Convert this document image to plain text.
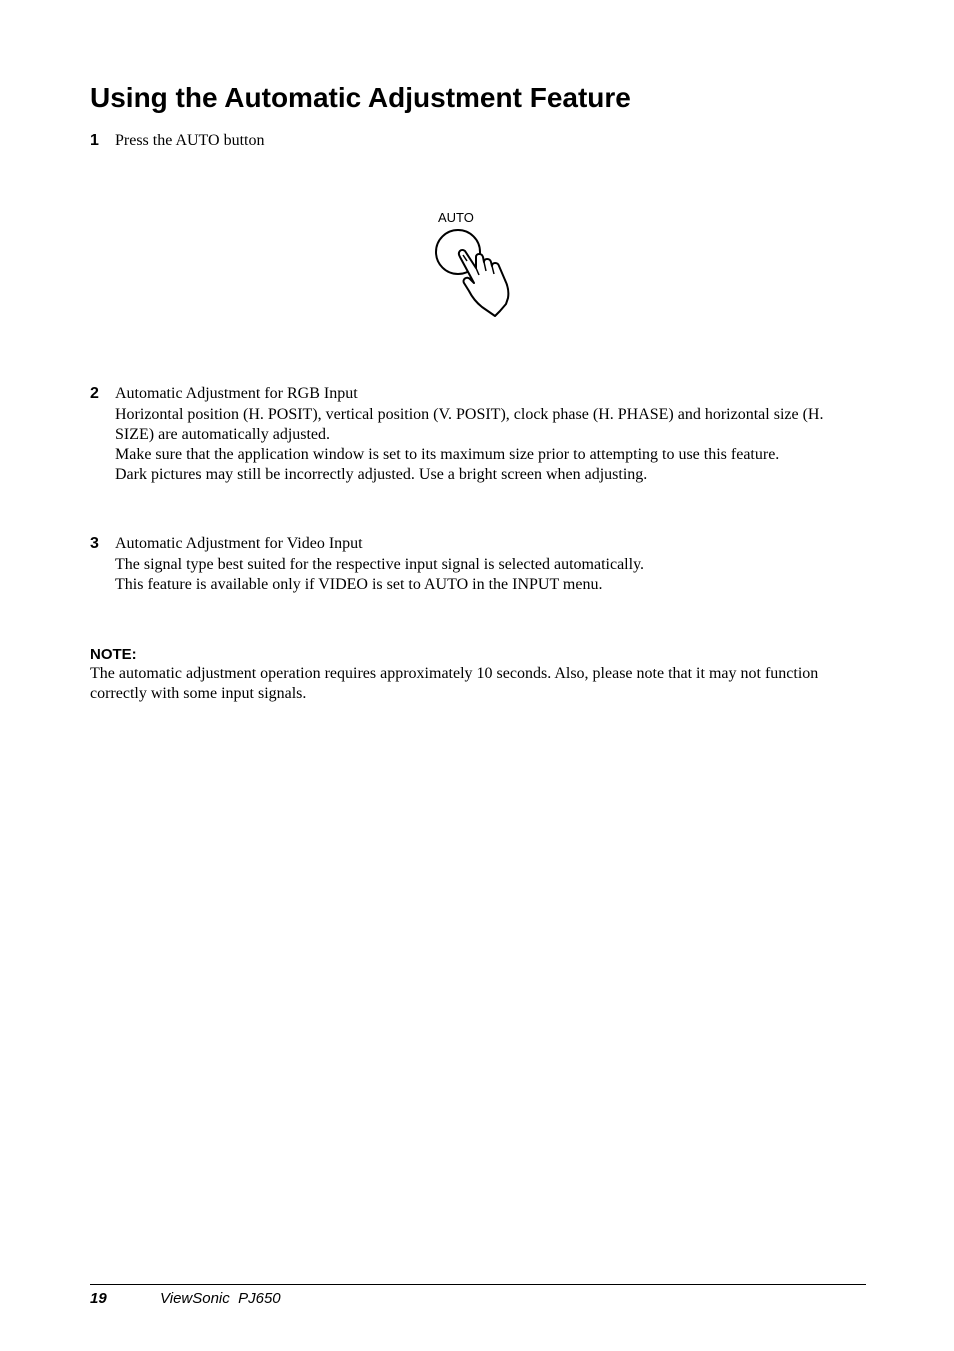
Using the Automatic Adjustment Feature
1 Press the AUTO button
AUTO
2 Automatic Adjustment for RGB Input

Horizontal position (H. POSIT), vertical position (V. POSIT), clock phase (H. PHASE) and horizontal size (H. SIZE) are automatically adjusted.

Make sure that the application window is set to its maximum size prior to attempting to use this feature.

Dark pictures may still be incorrectly adjusted. Use a bright screen when adjusting.

3 Automatic Adjustment for Video Input

The signal type best suited for the respective input signal is selected automatically.

This feature is available only if VIDEO is set to AUTO in the INPUT menu.

NOTE:

The automatic adjustment operation requires approximately 10 seconds. Also, please note that it may not function correctly with some input signals.

19	ViewSonic  PJ650
